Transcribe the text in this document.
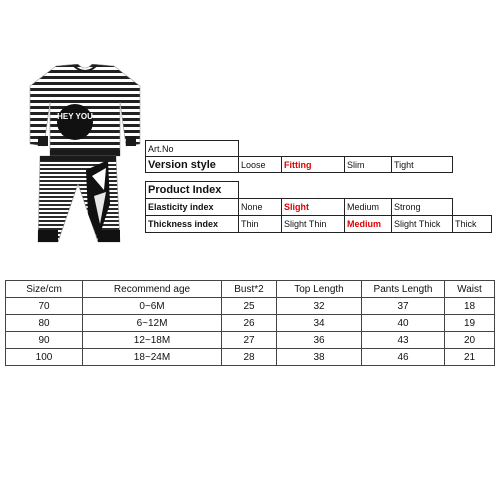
HEY YOU
Art.No					
Version style	Loose	Fitting	Slim	Tight	
Product Index					
Elasticity index	None	Slight	Medium	Strong	
Thickness index	Thin	Slight Thin	Medium	Slight Thick	Thick
Size/cm	Recommend age	Bust*2	Top Length	Pants Length	Waist
70	0~6M	25	32	37	18
80	6~12M	26	34	40	19
90	12~18M	27	36	43	20
100	18~24M	28	38	46	21
